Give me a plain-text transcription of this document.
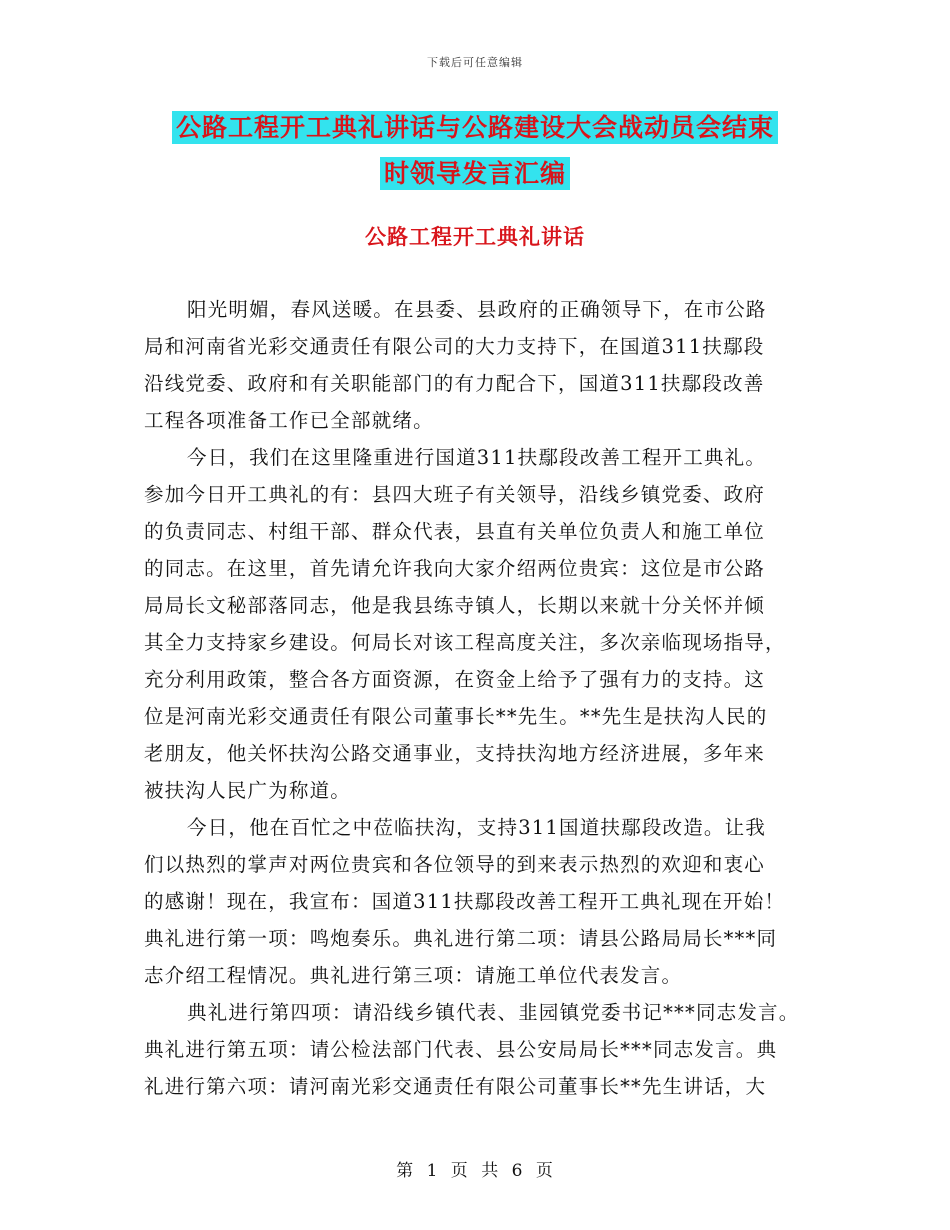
下载后可任意编辑
公路工程开工典礼讲话与公路建设大会战动员会结束
时领导发言汇编
公路工程开工典礼讲话
阳光明媚，春风送暖。在县委、县政府的正确领导下，在市公路
局和河南省光彩交通责任有限公司的大力支持下，在国道311扶鄢段
沿线党委、政府和有关职能部门的有力配合下，国道311扶鄢段改善
工程各项准备工作已全部就绪。
今日，我们在这里隆重进行国道311扶鄢段改善工程开工典礼。
参加今日开工典礼的有：县四大班子有关领导，沿线乡镇党委、政府
的负责同志、村组干部、群众代表，县直有关单位负责人和施工单位
的同志。在这里，首先请允许我向大家介绍两位贵宾：这位是市公路
局局长文秘部落同志，他是我县练寺镇人，长期以来就十分关怀并倾
其全力支持家乡建设。何局长对该工程高度关注，多次亲临现场指导，
充分利用政策，整合各方面资源，在资金上给予了强有力的支持。这
位是河南光彩交通责任有限公司董事长**先生。**先生是扶沟人民的
老朋友，他关怀扶沟公路交通事业，支持扶沟地方经济进展，多年来
被扶沟人民广为称道。
今日，他在百忙之中莅临扶沟，支持311国道扶鄢段改造。让我
们以热烈的掌声对两位贵宾和各位领导的到来表示热烈的欢迎和衷心
的感谢！现在，我宣布：国道311扶鄢段改善工程开工典礼现在开始！
典礼进行第一项：鸣炮奏乐。典礼进行第二项：请县公路局局长***同
志介绍工程情况。典礼进行第三项：请施工单位代表发言。
典礼进行第四项：请沿线乡镇代表、韭园镇党委书记***同志发言。
典礼进行第五项：请公检法部门代表、县公安局局长***同志发言。典
礼进行第六项：请河南光彩交通责任有限公司董事长**先生讲话，大
第 1 页 共 6 页
